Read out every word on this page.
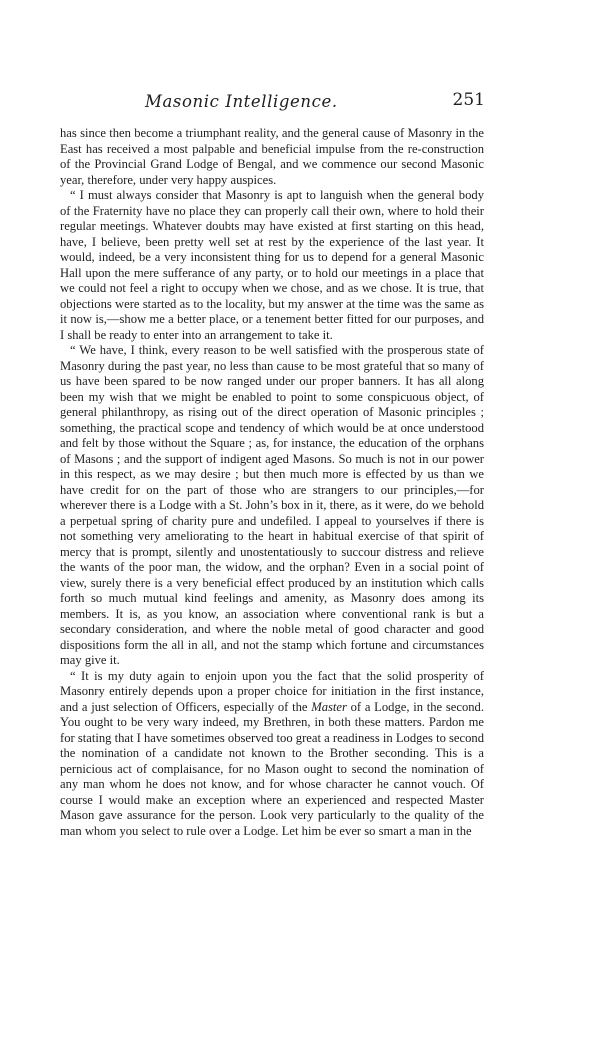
Masonic Intelligence.	251

has since then become a triumphant reality, and the general cause of Masonry in the East has received a most palpable and beneficial impulse from the re-construction of the Provincial Grand Lodge of Bengal, and we commence our second Masonic year, therefore, under very happy auspices.

“ I must always consider that Masonry is apt to languish when the general body of the Fraternity have no place they can properly call their own, where to hold their regular meetings. Whatever doubts may have existed at first starting on this head, have, I believe, been pretty well set at rest by the experience of the last year. It would, indeed, be a very inconsistent thing for us to depend for a general Masonic Hall upon the mere sufferance of any party, or to hold our meetings in a place that we could not feel a right to occupy when we chose, and as we chose. It is true, that objections were started as to the locality, but my answer at the time was the same as it now is,—show me a better place, or a tenement better fitted for our purposes, and I shall be ready to enter into an arrangement to take it.

“ We have, I think, every reason to be well satisfied with the prosperous state of Masonry during the past year, no less than cause to be most grateful that so many of us have been spared to be now ranged under our proper banners. It has all along been my wish that we might be enabled to point to some conspicuous object, of general philanthropy, as rising out of the direct operation of Masonic principles ; something, the practical scope and tendency of which would be at once understood and felt by those without the Square ; as, for instance, the education of the orphans of Masons ; and the support of indigent aged Masons. So much is not in our power in this respect, as we may desire ; but then much more is effected by us than we have credit for on the part of those who are strangers to our principles,—for wherever there is a Lodge with a St. John’s box in it, there, as it were, do we behold a perpetual spring of charity pure and undefiled. I appeal to yourselves if there is not something very ameliorating to the heart in habitual exercise of that spirit of mercy that is prompt, silently and unostentatiously to succour distress and relieve the wants of the poor man, the widow, and the orphan? Even in a social point of view, surely there is a very beneficial effect produced by an institution which calls forth so much mutual kind feelings and amenity, as Masonry does among its members. It is, as you know, an association where conventional rank is but a secondary consideration, and where the noble metal of good character and good dispositions form the all in all, and not the stamp which fortune and circumstances may give it.

“ It is my duty again to enjoin upon you the fact that the solid prosperity of Masonry entirely depends upon a proper choice for initiation in the first instance, and a just selection of Officers, especially of the Master of a Lodge, in the second. You ought to be very wary indeed, my Brethren, in both these matters. Pardon me for stating that I have sometimes observed too great a readiness in Lodges to second the nomination of a candidate not known to the Brother seconding. This is a pernicious act of complaisance, for no Mason ought to second the nomination of any man whom he does not know, and for whose character he cannot vouch. Of course I would make an exception where an experienced and respected Master Mason gave assurance for the person. Look very particularly to the quality of the man whom you select to rule over a Lodge. Let him be ever so smart a man in the
